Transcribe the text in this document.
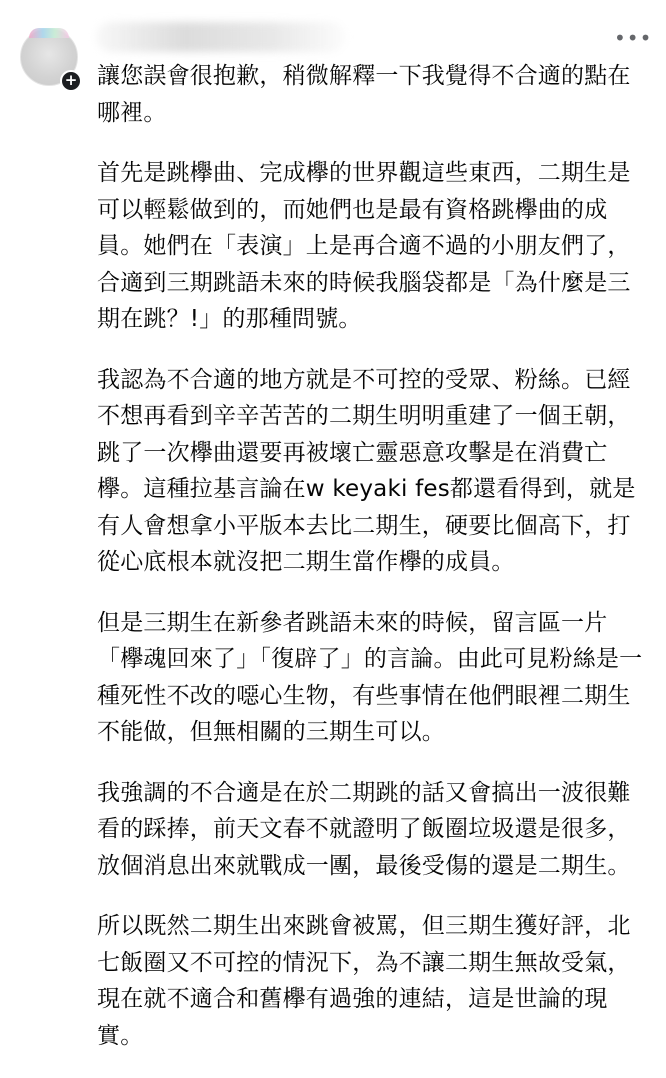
+
•••

讓您誤會很抱歉，稍微解釋一下我覺得不合適的點在哪裡。

首先是跳欅曲、完成欅的世界觀這些東西，二期生是可以輕鬆做到的，而她們也是最有資格跳欅曲的成員。她們在「表演」上是再合適不過的小朋友們了，合適到三期跳語未來的時候我腦袋都是「為什麼是三期在跳？!」的那種問號。

我認為不合適的地方就是不可控的受眾、粉絲。已經不想再看到辛辛苦苦的二期生明明重建了一個王朝，跳了一次欅曲還要再被壞亡靈惡意攻擊是在消費亡欅。這種拉基言論在w keyaki fes都還看得到，就是有人會想拿小平版本去比二期生，硬要比個高下，打從心底根本就沒把二期生當作欅的成員。

但是三期生在新參者跳語未來的時候，留言區一片「欅魂回來了」「復辟了」的言論。由此可見粉絲是一種死性不改的噁心生物，有些事情在他們眼裡二期生不能做，但無相關的三期生可以。

我強調的不合適是在於二期跳的話又會搞出一波很難看的踩捧，前天文春不就證明了飯圈垃圾還是很多，放個消息出來就戰成一團，最後受傷的還是二期生。

所以既然二期生出來跳會被罵，但三期生獲好評，北七飯圈又不可控的情況下，為不讓二期生無故受氣，現在就不適合和舊欅有過強的連結，這是世論的現實。
